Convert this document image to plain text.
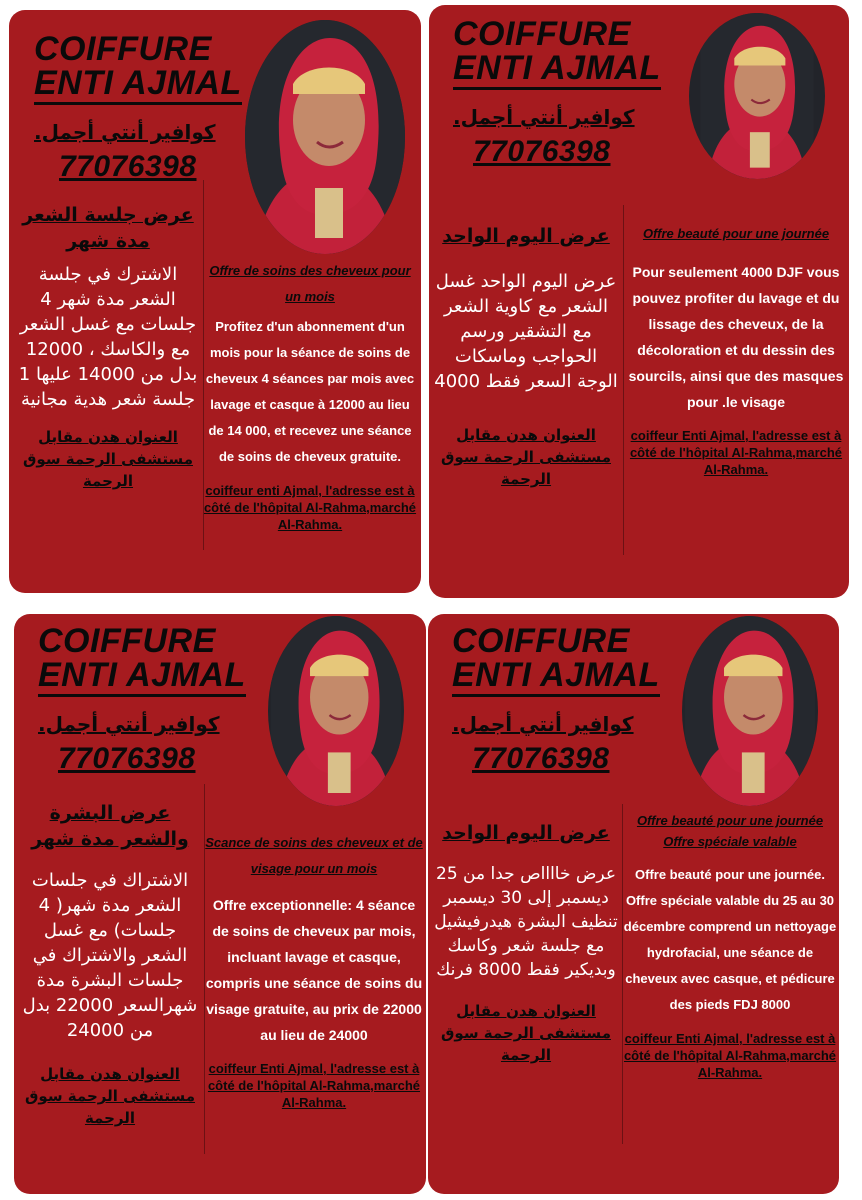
COIFFURE
ENTI AJMAL
كوافير أنتي أجمل.
77076398
عرض جلسة الشعر مدة شهر
الاشترك في جلسة الشعر مدة شهر 4 جلسات مع غسل الشعر مع والكاسك ، 12000 بدل من 14000 عليها 1 جلسة شعر هدية مجانية
العنوان هدن مقابل مستشفى الرحمة سوق الرحمة
Offre de soins des cheveux pour un mois
Profitez d'un abonnement d'un mois pour la séance de soins de cheveux 4 séances par mois avec lavage et casque à 12000 au lieu de 14 000, et recevez une séance de soins de cheveux gratuite.
coiffeur enti Ajmal, l'adresse est à côté de l'hôpital Al-Rahma,marché Al-Rahma.
COIFFURE
ENTI AJMAL
كوافير أنتي أجمل.
77076398
عرض اليوم الواحد
عرض اليوم الواحد غسل الشعر مع كاوية الشعر مع التشقير ورسم الحواجب وماسكات الوجة السعر فقط 4000
العنوان هدن مقابل مستشفى الرحمة سوق الرحمة
Offre beauté pour une journée
Pour seulement 4000 DJF vous pouvez profiter du lavage et du lissage des cheveux, de la décoloration et du dessin des sourcils, ainsi que des masques pour .le visage
coiffeur Enti Ajmal, l'adresse est à côté de l'hôpital Al-Rahma,marché Al-Rahma.
COIFFURE
ENTI AJMAL
كوافير أنتي أجمل.
77076398
عرض البشرة والشعر مدة شهر
الاشتراك في جلسات الشعر مدة شهر( 4 جلسات) مع غسل الشعر والاشتراك في جلسات البشرة مدة شهرالسعر 22000 بدل من 24000
العنوان هدن مقابل مستشفى الرحمة سوق الرحمة
Scance de soins des cheveux et de visage pour un mois
Offre exceptionnelle: 4 séance de soins de cheveux par mois, incluant lavage et casque, compris une séance de soins du visage gratuite, au prix de 22000 au lieu de 24000
coiffeur Enti Ajmal, l'adresse est à côté de l'hôpital Al-Rahma,marché Al-Rahma.
COIFFURE
ENTI AJMAL
كوافير أنتي أجمل.
77076398
عرض اليوم الواحد
عرض خااااص جدا من 25 ديسمبر إلى 30 ديسمبر تنظيف البشرة هيدرفيشيل مع جلسة شعر وكاسك وبديكير فقط 8000 فرنك
العنوان هدن مقابل مستشفى الرحمة سوق الرحمة
Offre beauté pour une journée Offre spéciale valable
Offre beauté pour une journée. Offre spéciale valable du 25 au 30 décembre comprend un nettoyage hydrofacial, une séance de cheveux avec casque, et pédicure des pieds FDJ 8000
coiffeur Enti Ajmal, l'adresse est à côté de l'hôpital Al-Rahma,marché Al-Rahma.
